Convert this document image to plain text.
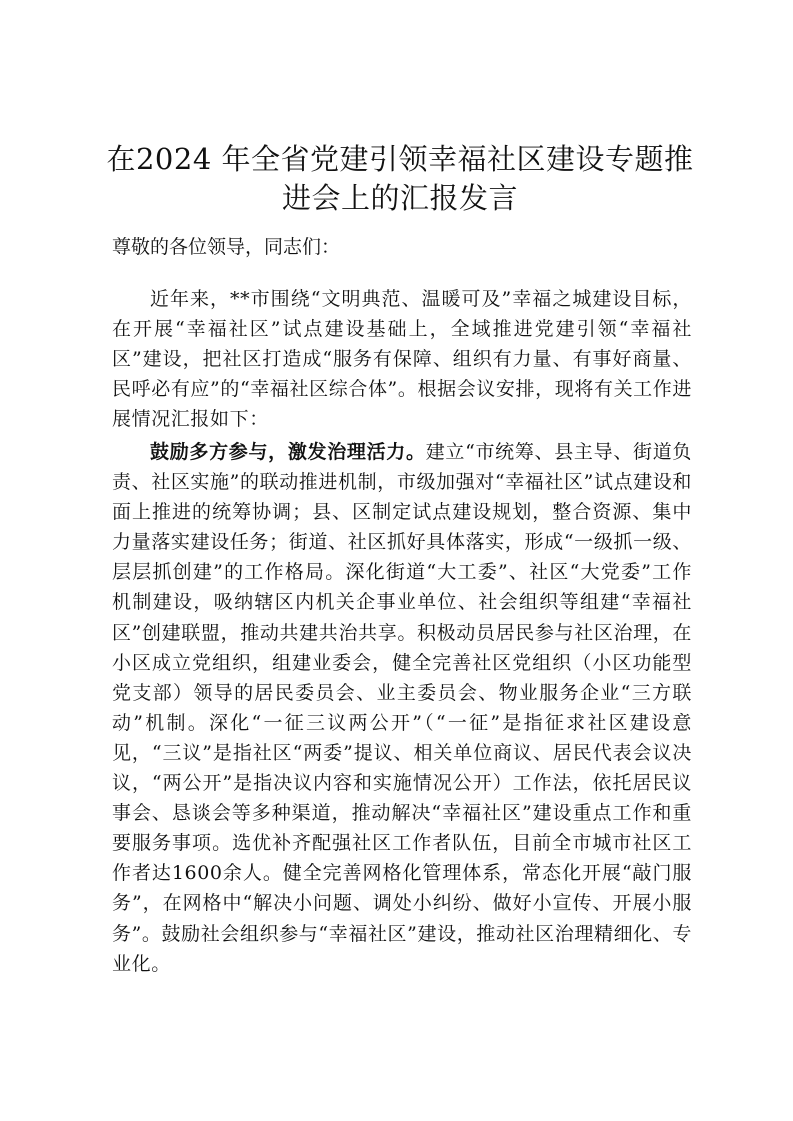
在2024 年全省党建引领幸福社区建设专题推进会上的汇报发言

尊敬的各位领导，同志们：

近年来，**市围绕“文明典范、温暖可及”幸福之城建设目标，在开展“幸福社区”试点建设基础上，全域推进党建引领“幸福社区”建设，把社区打造成“服务有保障、组织有力量、有事好商量、民呼必有应”的“幸福社区综合体”。根据会议安排，现将有关工作进展情况汇报如下：

鼓励多方参与，激发治理活力。建立“市统筹、县主导、街道负责、社区实施”的联动推进机制，市级加强对“幸福社区”试点建设和面上推进的统筹协调；县、区制定试点建设规划，整合资源、集中力量落实建设任务；街道、社区抓好具体落实，形成“一级抓一级、层层抓创建”的工作格局。深化街道“大工委”、社区“大党委”工作机制建设，吸纳辖区内机关企事业单位、社会组织等组建“幸福社区”创建联盟，推动共建共治共享。积极动员居民参与社区治理，在小区成立党组织，组建业委会，健全完善社区党组织（小区功能型党支部）领导的居民委员会、业主委员会、物业服务企业“三方联动”机制。深化“一征三议两公开”（“一征”是指征求社区建设意见，“三议”是指社区“两委”提议、相关单位商议、居民代表会议决议，“两公开”是指决议内容和实施情况公开）工作法，依托居民议事会、恳谈会等多种渠道，推动解决“幸福社区”建设重点工作和重要服务事项。选优补齐配强社区工作者队伍，目前全市城市社区工作者达1600余人。健全完善网格化管理体系，常态化开展“敲门服务”，在网格中“解决小问题、调处小纠纷、做好小宣传、开展小服务”。鼓励社会组织参与“幸福社区”建设，推动社区治理精细化、专业化。
